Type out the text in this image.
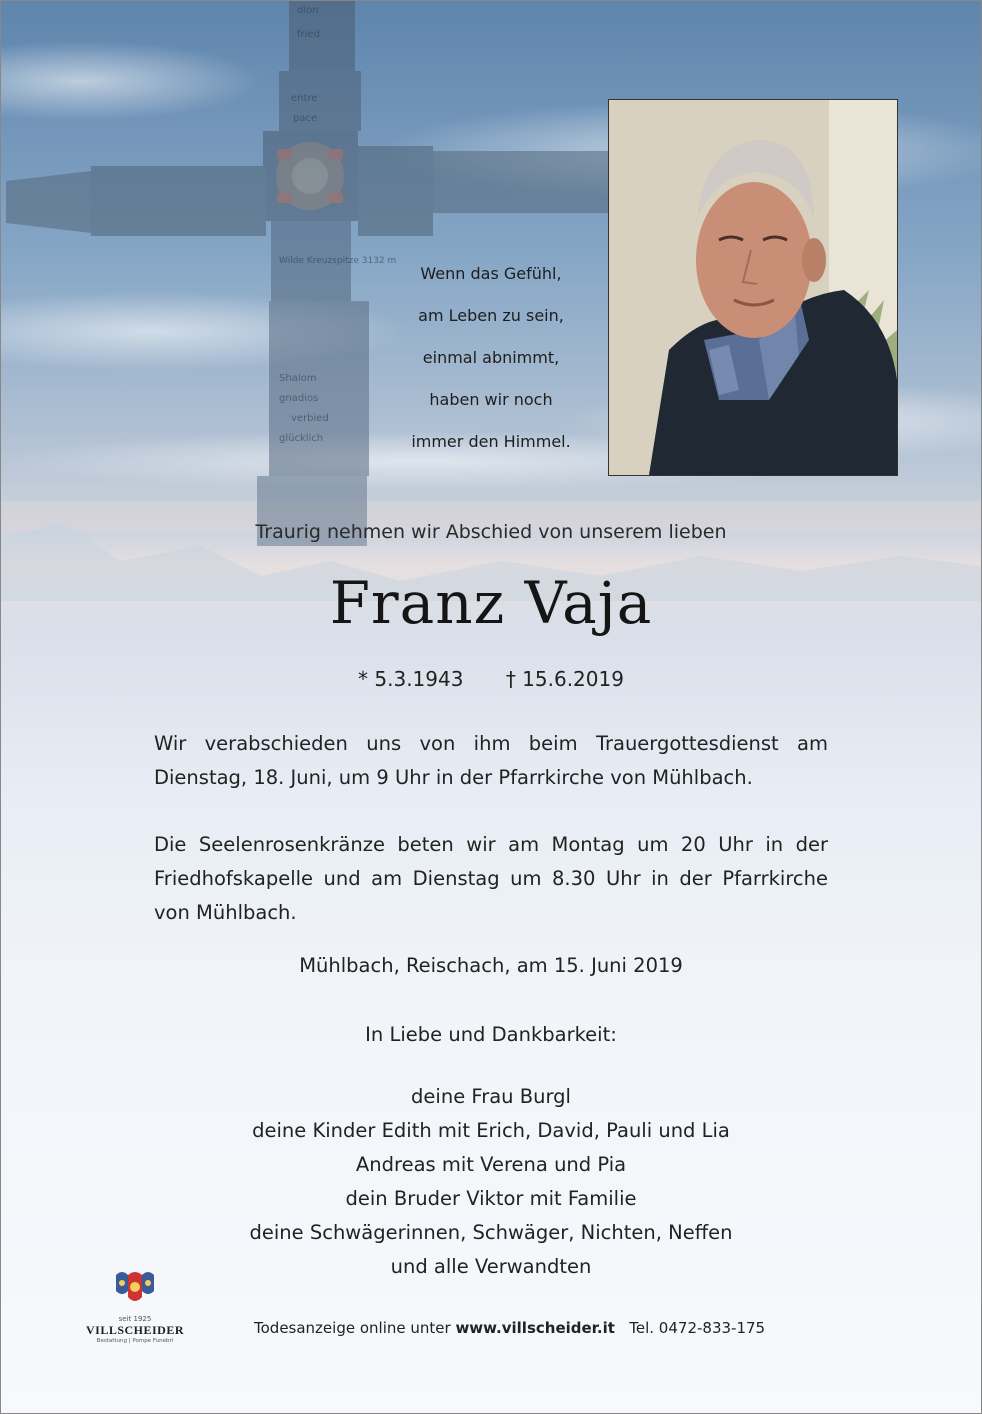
dion
fried
entre
pace
Wilde Kreuzspitze 3132 m
Shalom
gnadios
verbied
glücklich
Wenn das Gefühl,
am Leben zu sein,
einmal abnimmt,
haben wir noch
immer den Himmel.
Traurig nehmen wir Abschied von unserem lieben
Franz Vaja
* 5.3.1943 † 15.6.2019
Wir verabschieden uns von ihm beim Trauergottesdienst am Dienstag, 18. Juni, um 9 Uhr in der Pfarrkirche von Mühlbach.
Die Seelenrosenkränze beten wir am Montag um 20 Uhr in der Friedhofskapelle und am Dienstag um 8.30 Uhr in der Pfarrkirche von Mühlbach.
Mühlbach, Reischach, am 15. Juni 2019
In Liebe und Dankbarkeit:
deine Frau Burgl
deine Kinder Edith mit Erich, David, Pauli und Lia
Andreas mit Verena und Pia
dein Bruder Viktor mit Familie
deine Schwägerinnen, Schwäger, Nichten, Neffen
und alle Verwandten
seit 1925
VILLSCHEIDER
Bestattung | Pompe Funebri
Todesanzeige online unter www.villscheider.it Tel. 0472-833-175
